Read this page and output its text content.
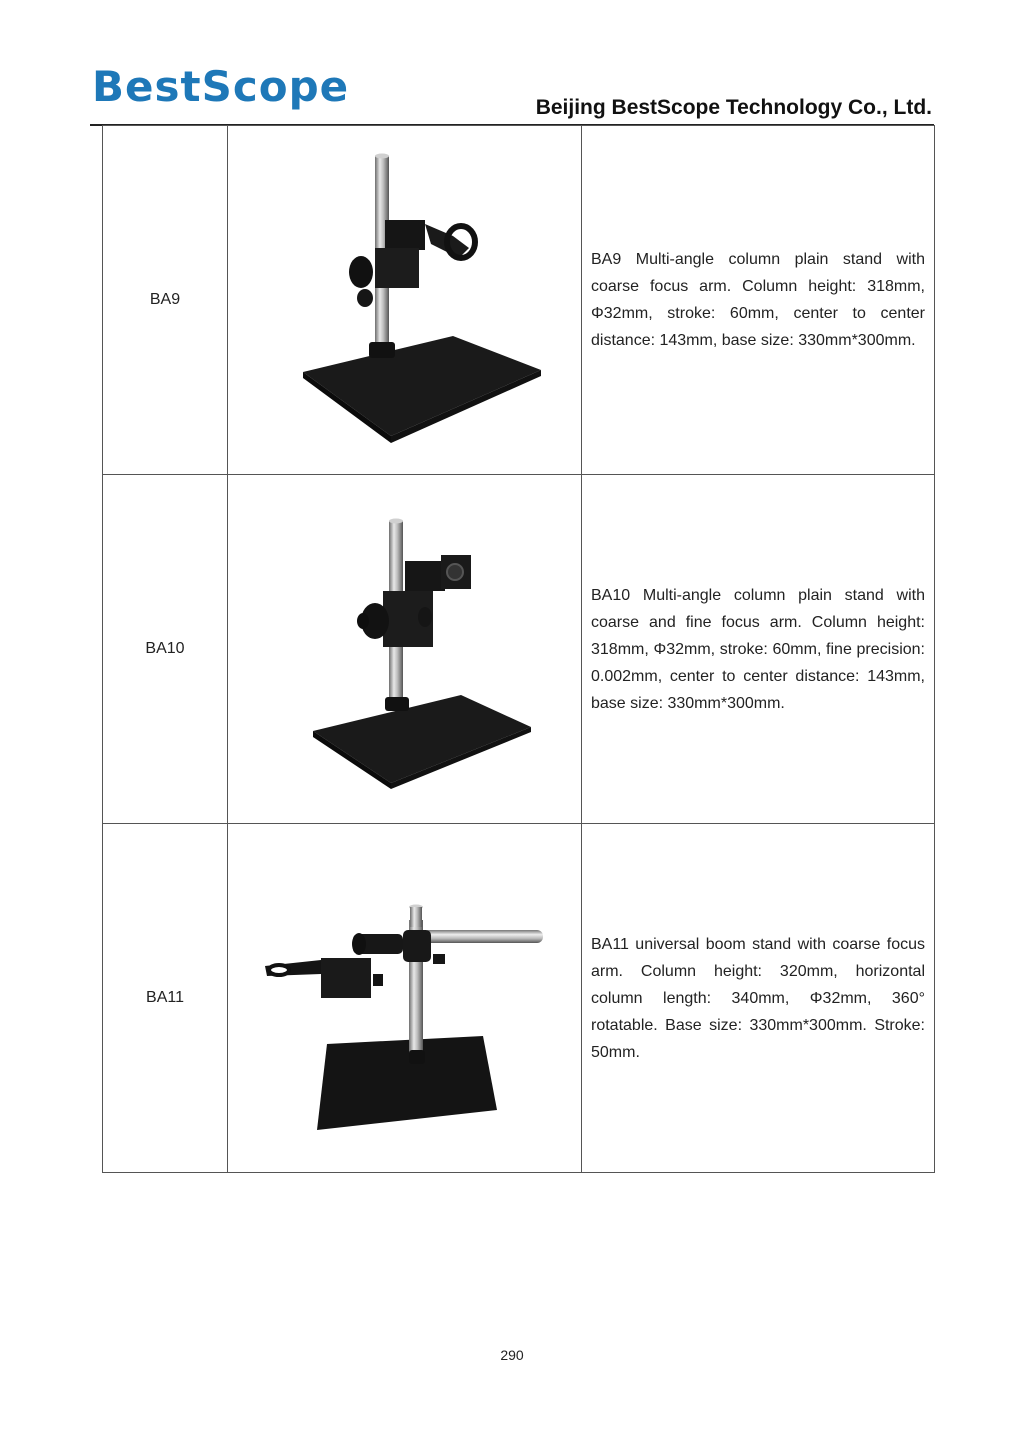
BestScope	Beijing BestScope Technology Co., Ltd.
BA9		BA9 Multi-angle column plain stand with coarse focus arm. Column height: 318mm, Φ32mm, stroke: 60mm, center to center distance: 143mm, base size: 330mm*300mm.
BA10		BA10 Multi-angle column plain stand with coarse and fine focus arm. Column height: 318mm, Φ32mm, stroke: 60mm, fine precision: 0.002mm, center to center distance: 143mm, base size: 330mm*300mm.
BA11		BA11 universal boom stand with coarse focus arm. Column height: 320mm, horizontal column length: 340mm, Φ32mm, 360° rotatable. Base size: 330mm*300mm. Stroke: 50mm.
290
